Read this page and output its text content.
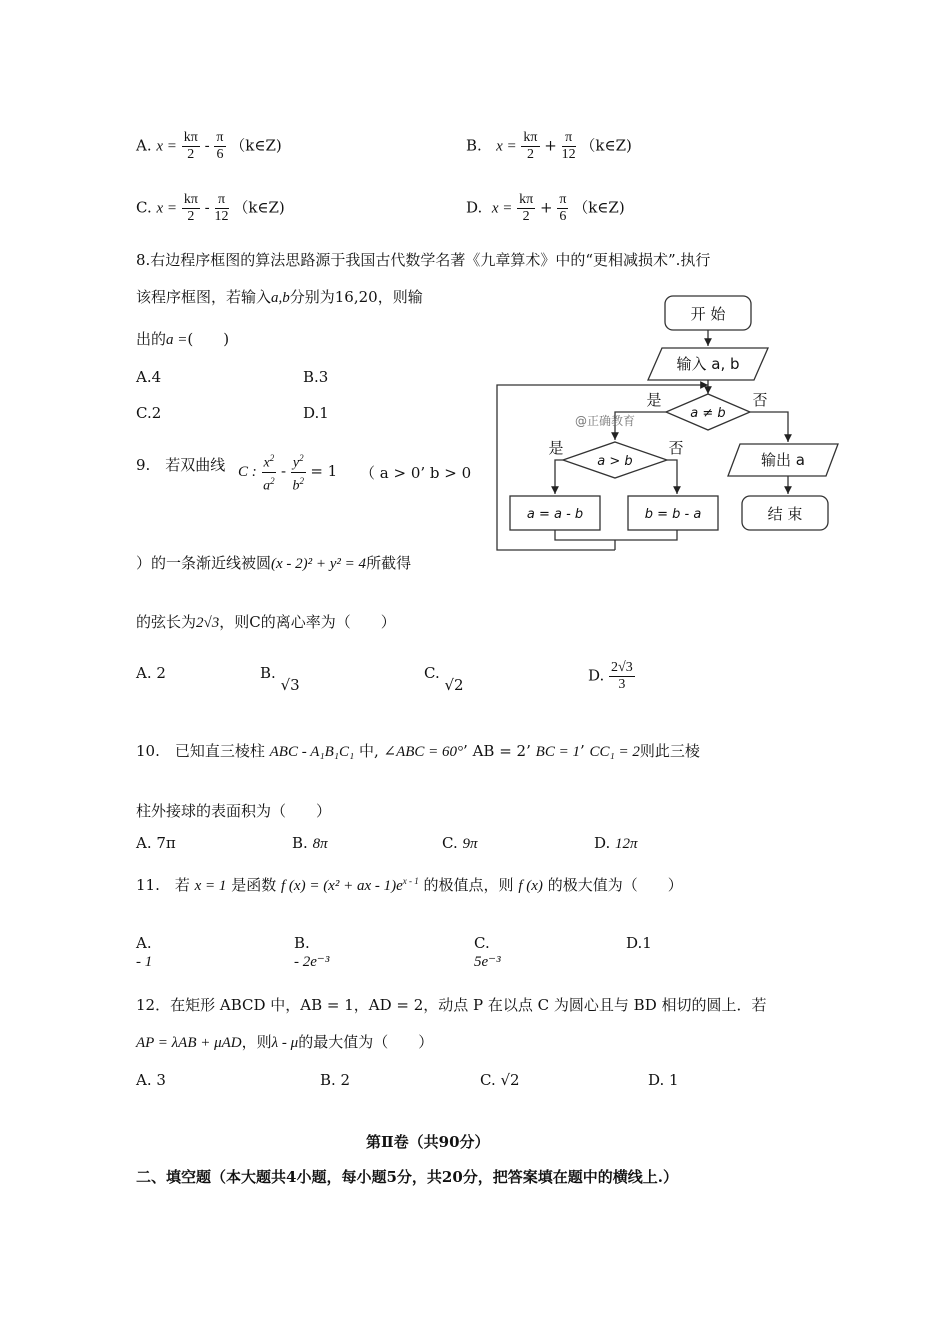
A. $x = \frac{k\pi}{2} - \frac{\pi}{6}$ （k∈Z)	B. $x = \frac{k\pi}{2} + \frac{\pi}{12}$ （k∈Z)
C. $x = \frac{k\pi}{2} - \frac{\pi}{12}$ （k∈Z)	D. $x = \frac{k\pi}{2} + \frac{\pi}{6}$ （k∈Z)
8.右边程序框图的算法思路源于我国古代数学名著《九章算术》中的“更相减损术”.执行
该程序框图，若输入a,b分别为16,20，则输
出的a =(　　)
A.4	B.3
C.2	D.1
开 始
输入 a, b
a ≠ b
是	否
@正确教育
a > b
是	否
a = a - b	b = b - a
输出 a
结 束
9.　若双曲线 C : $\frac{x^2}{a^2} - \frac{y^2}{b^2} = 1$ （ a > 0’ b > 0
）的一条渐近线被圆(x - 2)² + y² = 4所截得
的弦长为2√3，则C的离心率为（　　）
A. 2	B. √3
C. √2
D. $\frac{2√3}{3}$
10.　已知直三棱柱 ABC - A₁B₁C₁ 中, ∠ABC = 60°’ AB = 2’ BC = 1’ CC₁ = 2则此三棱
柱外接球的表面积为（　　）
A. 7π	B. 8π	C. 9π	D. 12π
11.　若 x = 1 是函数 f (x) = (x² + ax - $1)e^{x - 1}$ 的极值点，则 f (x) 的极大值为（　　）
A.
- 1
B.
- 2e⁻³
C.
5e⁻³
D.1
12．在矩形 ABCD 中，AB = 1，AD = 2，动点 P 在以点 C 为圆心且与 BD 相切的圆上．若
AP = λAB + μAD，则λ - μ的最大值为（　　）
A. 3	B. 2	C. √2	D. 1
第Ⅱ卷（共90分）
二、填空题（本大题共4小题，每小题5分，共20分，把答案填在题中的横线上.）
